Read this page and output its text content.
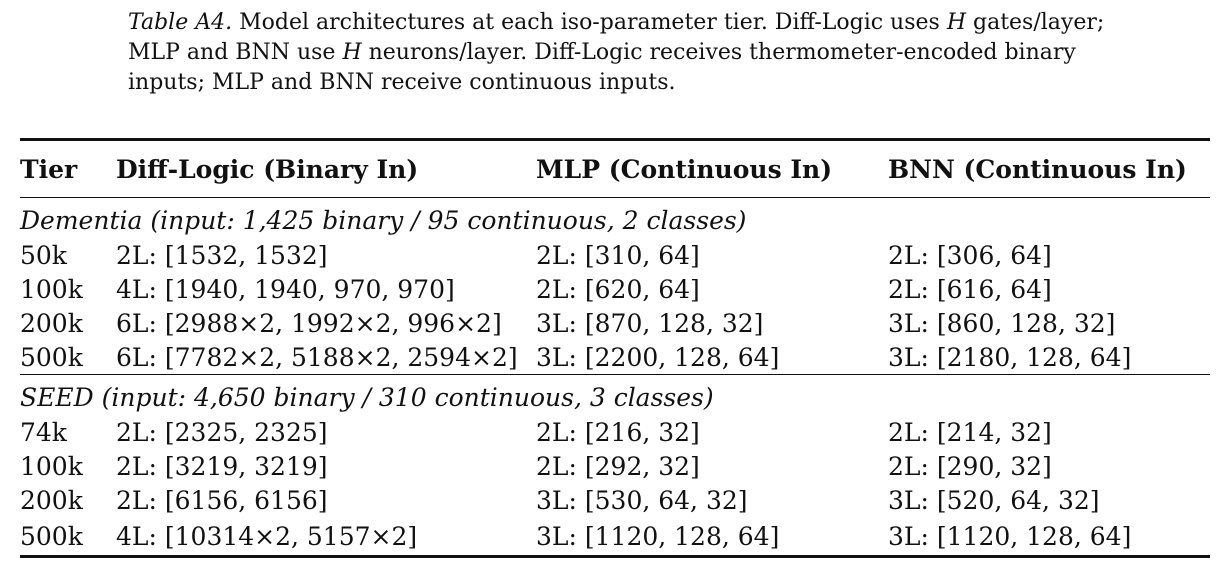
Table A4. Model architectures at each iso-parameter tier. Diff-Logic uses H gates/layer;
MLP and BNN use H neurons/layer. Diff-Logic receives thermometer-encoded binary
inputs; MLP and BNN receive continuous inputs.
Tier	Diff-Logic (Binary In)	MLP (Continuous In)	BNN (Continuous In)
Dementia (input: 1,425 binary / 95 continuous, 2 classes)			
50k	2L: [1532, 1532]	2L: [310, 64]	2L: [306, 64]
100k	4L: [1940, 1940, 970, 970]	2L: [620, 64]	2L: [616, 64]
200k	6L: [2988×2, 1992×2, 996×2]	3L: [870, 128, 32]	3L: [860, 128, 32]
500k	6L: [7782×2, 5188×2, 2594×2]	3L: [2200, 128, 64]	3L: [2180, 128, 64]
SEED (input: 4,650 binary / 310 continuous, 3 classes)			
74k	2L: [2325, 2325]	2L: [216, 32]	2L: [214, 32]
100k	2L: [3219, 3219]	2L: [292, 32]	2L: [290, 32]
200k	2L: [6156, 6156]	3L: [530, 64, 32]	3L: [520, 64, 32]
500k	4L: [10314×2, 5157×2]	3L: [1120, 128, 64]	3L: [1120, 128, 64]
